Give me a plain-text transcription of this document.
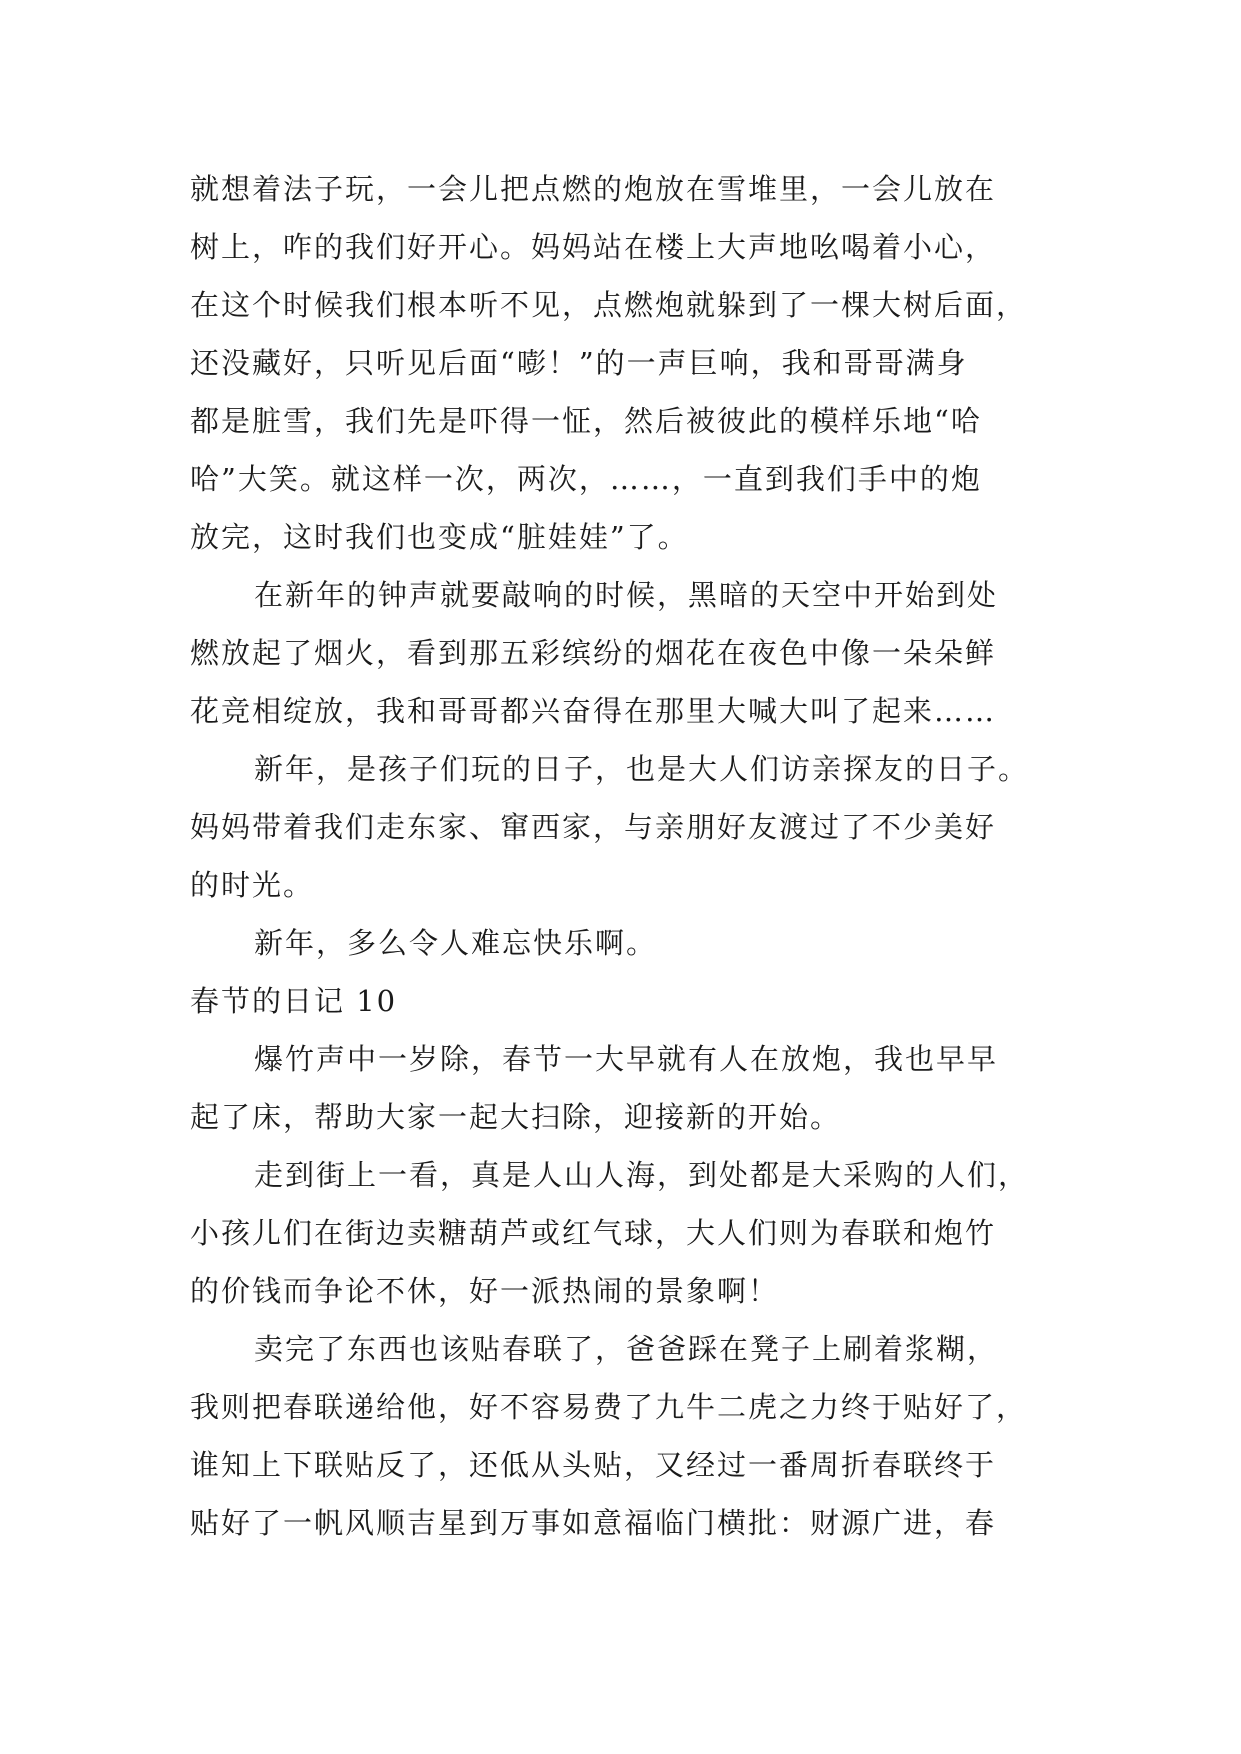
就想着法子玩，一会儿把点燃的炮放在雪堆里，一会儿放在
树上，咋的我们好开心。妈妈站在楼上大声地吆喝着小心，
在这个时候我们根本听不见，点燃炮就躲到了一棵大树后面，
还没藏好，只听见后面“嘭！”的一声巨响，我和哥哥满身
都是脏雪，我们先是吓得一怔，然后被彼此的模样乐地“哈
哈”大笑。就这样一次，两次，……，一直到我们手中的炮
放完，这时我们也变成“脏娃娃”了。
在新年的钟声就要敲响的时候，黑暗的天空中开始到处
燃放起了烟火，看到那五彩缤纷的烟花在夜色中像一朵朵鲜
花竞相绽放，我和哥哥都兴奋得在那里大喊大叫了起来……
新年，是孩子们玩的日子，也是大人们访亲探友的日子。
妈妈带着我们走东家、窜西家，与亲朋好友渡过了不少美好
的时光。
新年，多么令人难忘快乐啊。
春节的日记 10
爆竹声中一岁除，春节一大早就有人在放炮，我也早早
起了床，帮助大家一起大扫除，迎接新的开始。
走到街上一看，真是人山人海，到处都是大采购的人们，
小孩儿们在街边卖糖葫芦或红气球，大人们则为春联和炮竹
的价钱而争论不休，好一派热闹的景象啊！
卖完了东西也该贴春联了，爸爸踩在凳子上刷着浆糊，
我则把春联递给他，好不容易费了九牛二虎之力终于贴好了，
谁知上下联贴反了，还低从头贴，又经过一番周折春联终于
贴好了一帆风顺吉星到万事如意福临门横批：财源广进，春
